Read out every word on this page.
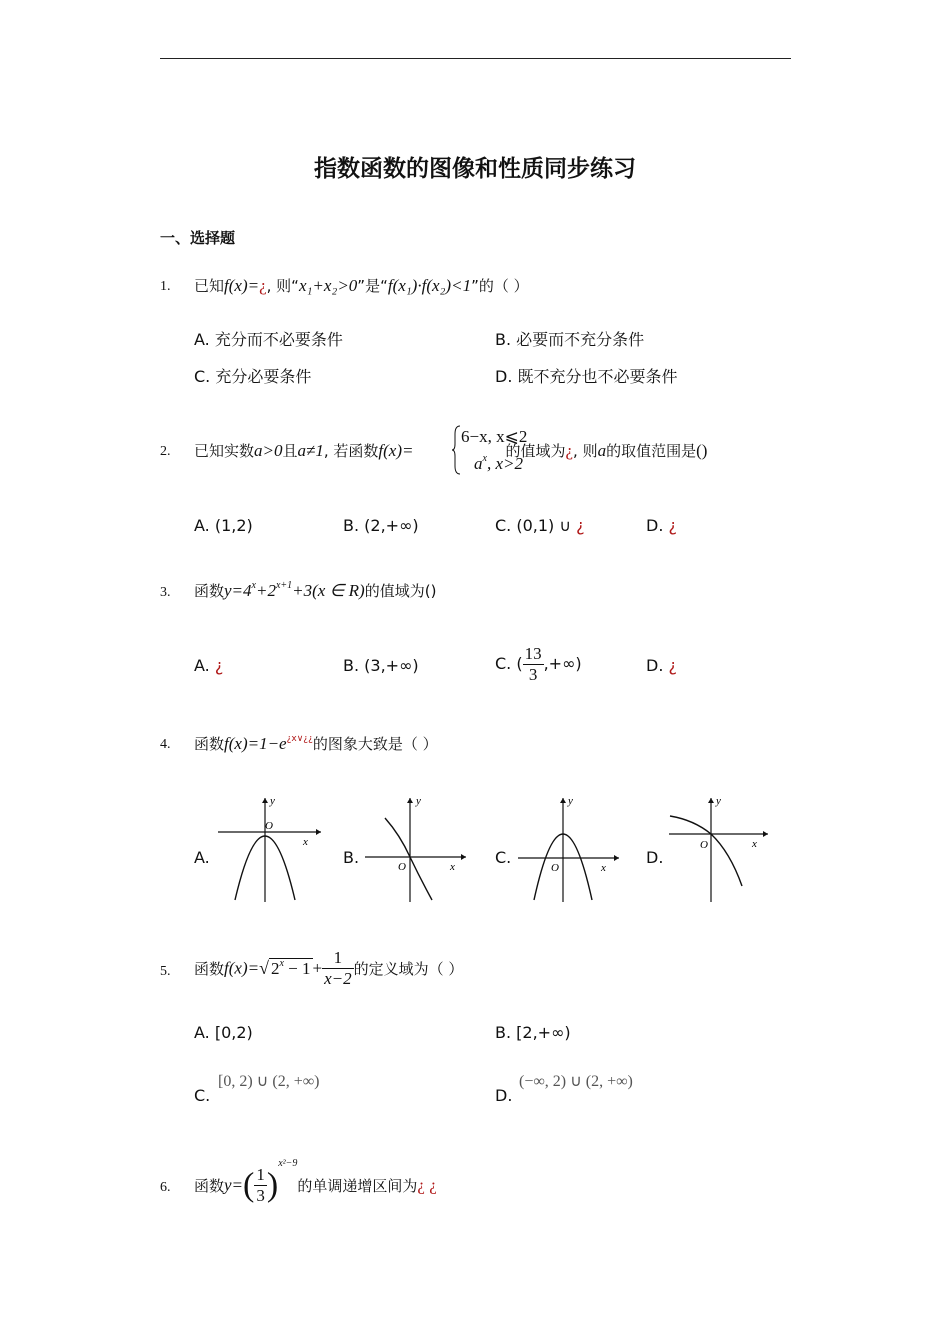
指数函数的图像和性质同步练习
一、选择题
1. 已知f(x)=¿, 则“x₁+x₂>0”是“f(x₁)·f(x₂)<1”的（ ）
A. 充分而不必要条件	B. 必要而不充分条件
C. 充分必要条件	D. 既不充分也不必要条件
2. 已知实数a>0且a≠1, 若函数f(x)=	的值域为¿, 则a的取值范围是()
6−x, x⩽2
$a^x$, x>2
A. (1,2)	B. (2,+∞)	C. (0,1) ∪ ¿	D. ¿
3. 函数$y=4^x+2^{x+1}+3(x$ ∈ R)的值域为()
A. ¿	B. (3,+∞)	C. ( $\frac{13}{3}$ ,+∞)	D. ¿
4. 函数$f(x)=1-e^{¿x\vee¿¿}$的图象大致是（ ）
A.
y
x
O
B.
y
x
O	C.
y
x
O
D.
y
x
O
5. 函数f(x)=√ $2^x - 1 + \frac{1}{x-2}$ 的定义域为（ ）
A. [0,2)	B. [2,+∞)
C.
[0, 2) ∪ (2, +∞)
D.
(−∞, 2) ∪ (2, +∞)
6. 函数$y=( \frac{1}{3} )^{x^2-9}$的单调递增区间为¿ ¿
